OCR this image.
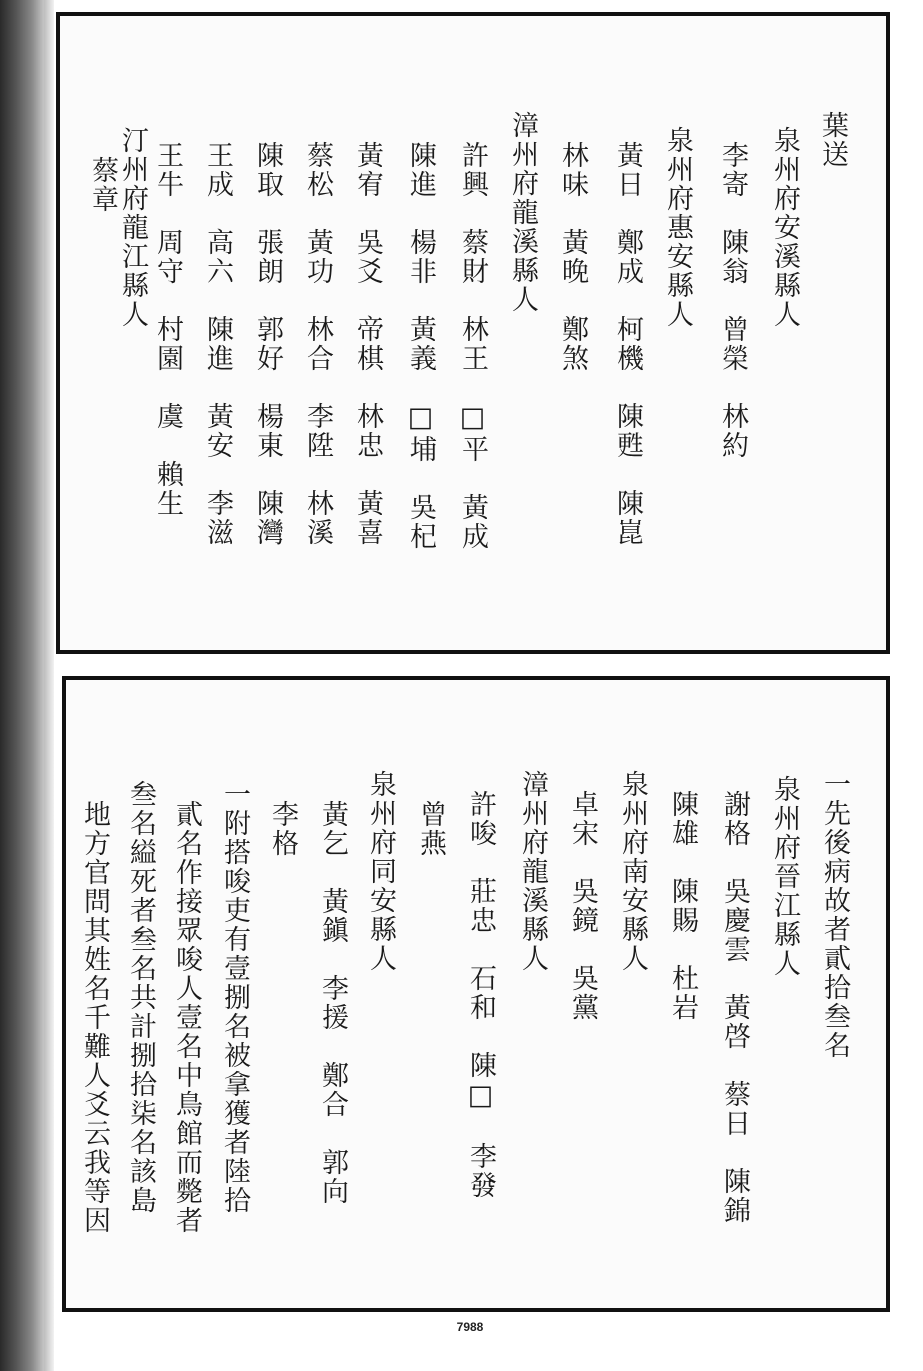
葉送
泉州府安溪縣人
李寄　陳翁　曾榮　林約
泉州府惠安縣人
黃日　鄭成　柯機　陳甦　陳崑
林味　黃晚　鄭煞
漳州府龍溪縣人
許興　蔡財　林王　□平　黃成
陳進　楊非　黃義　□埔　吳杞
黃宥　吳爻　帝棋　林忠　黃喜
蔡松　黃功　林合　李陞　林溪
陳取　張朗　郭好　楊東　陳灣
王成　高六　陳進　黃安　李滋
王牛　周守　村園　虞　賴生
汀州府龍江縣人
蔡章
一先後病故者貳拾叁名
泉州府晉江縣人
謝格　吳慶雲　黃啓　蔡日　陳錦
陳雄　陳賜　杜岩
泉州府南安縣人
卓宋　吳鏡　吳黨
漳州府龍溪縣人
許唆　莊忠　石和　陳□　李發
曾燕
泉州府同安縣人
黃乞　黃鎭　李援　鄭合　郭向
李格
一附搭唆吏有壹捌名被拿獲者陸拾
貳名作接眾唆人壹名中鳥館而斃者
叁名縊死者叁名共計捌拾柒名該島
地方官問其姓名千難人爻云我等因
7988
